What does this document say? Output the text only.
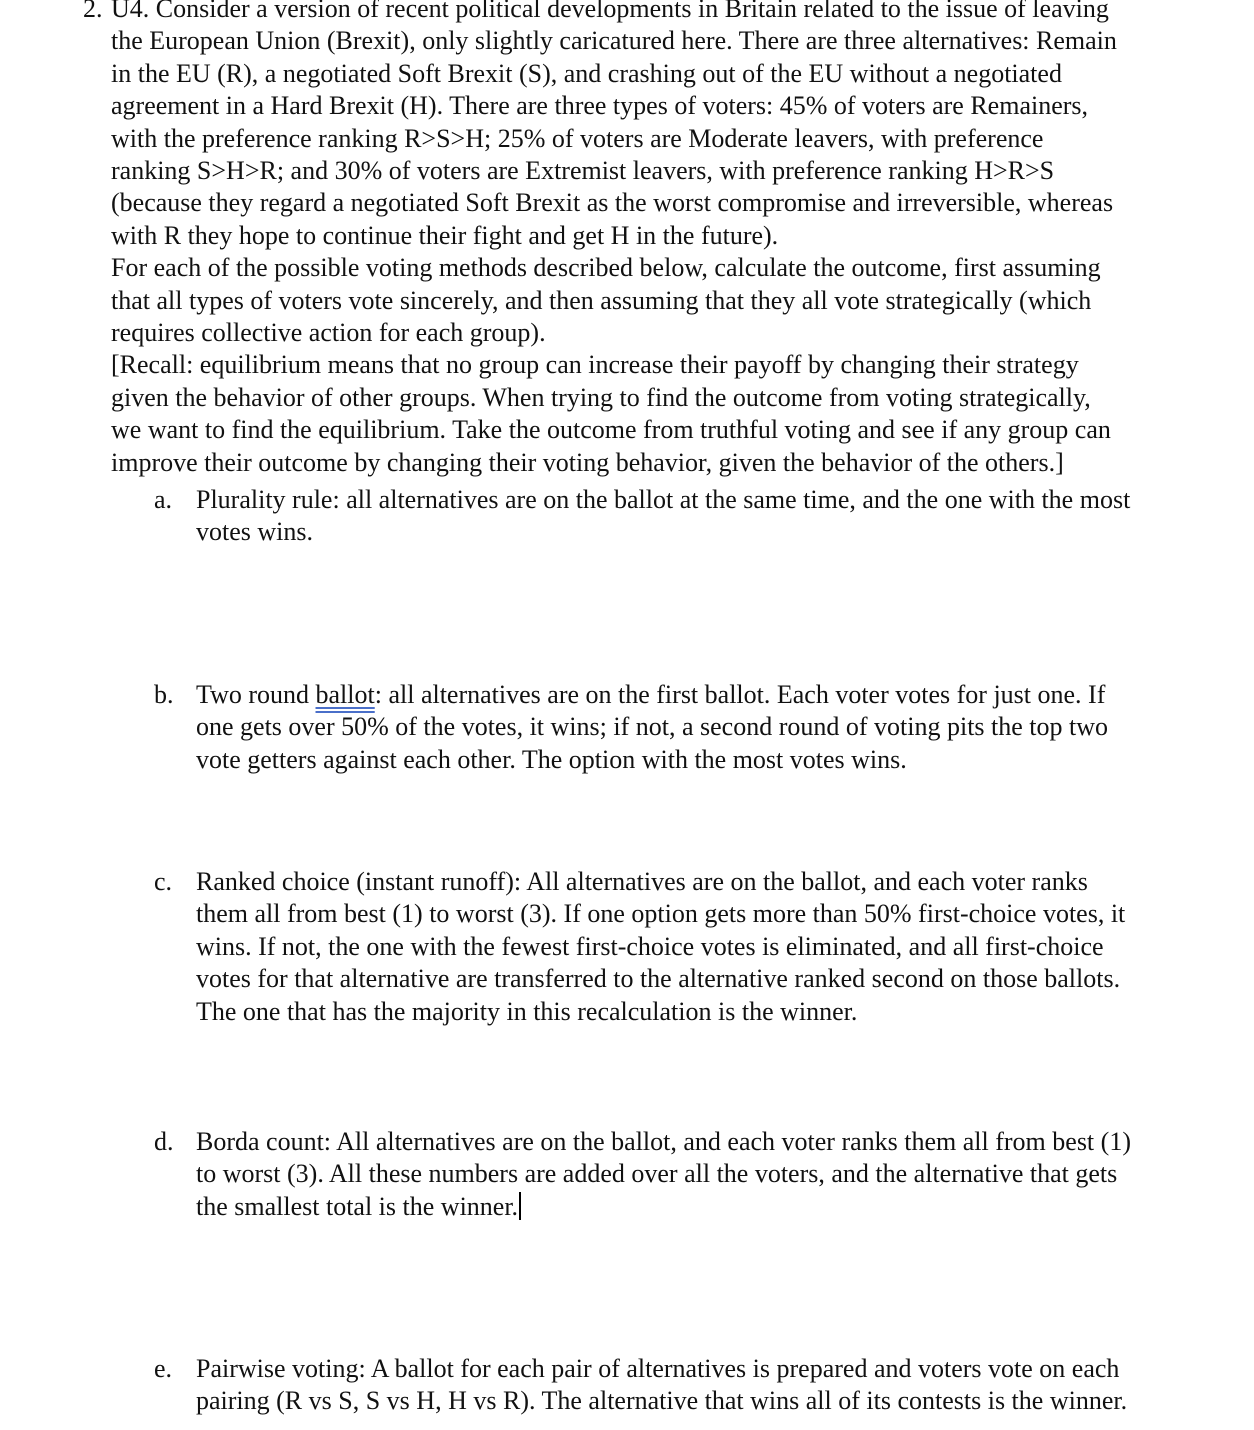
2. U4. Consider a version of recent political developments in Britain related to the issue of leaving
the European Union (Brexit), only slightly caricatured here. There are three alternatives: Remain
in the EU (R), a negotiated Soft Brexit (S), and crashing out of the EU without a negotiated
agreement in a Hard Brexit (H). There are three types of voters: 45% of voters are Remainers,
with the preference ranking R>S>H; 25% of voters are Moderate leavers, with preference
ranking S>H>R; and 30% of voters are Extremist leavers, with preference ranking H>R>S
(because they regard a negotiated Soft Brexit as the worst compromise and irreversible, whereas
with R they hope to continue their fight and get H in the future).

For each of the possible voting methods described below, calculate the outcome, first assuming
that all types of voters vote sincerely, and then assuming that they all vote strategically (which
requires collective action for each group).

[Recall: equilibrium means that no group can increase their payoff by changing their strategy
given the behavior of other groups. When trying to find the outcome from voting strategically,
we want to find the equilibrium. Take the outcome from truthful voting and see if any group can
improve their outcome by changing their voting behavior, given the behavior of the others.]

a. Plurality rule: all alternatives are on the ballot at the same time, and the one with the most
votes wins.
b. Two round ballot: all alternatives are on the first ballot. Each voter votes for just one. If
one gets over 50% of the votes, it wins; if not, a second round of voting pits the top two
vote getters against each other. The option with the most votes wins.
c. Ranked choice (instant runoff): All alternatives are on the ballot, and each voter ranks
them all from best (1) to worst (3). If one option gets more than 50% first-choice votes, it
wins. If not, the one with the fewest first-choice votes is eliminated, and all first-choice
votes for that alternative are transferred to the alternative ranked second on those ballots.
The one that has the majority in this recalculation is the winner.
d. Borda count: All alternatives are on the ballot, and each voter ranks them all from best (1)
to worst (3). All these numbers are added over all the voters, and the alternative that gets
the smallest total is the winner.
e. Pairwise voting: A ballot for each pair of alternatives is prepared and voters vote on each
pairing (R vs S, S vs H, H vs R). The alternative that wins all of its contests is the winner.
